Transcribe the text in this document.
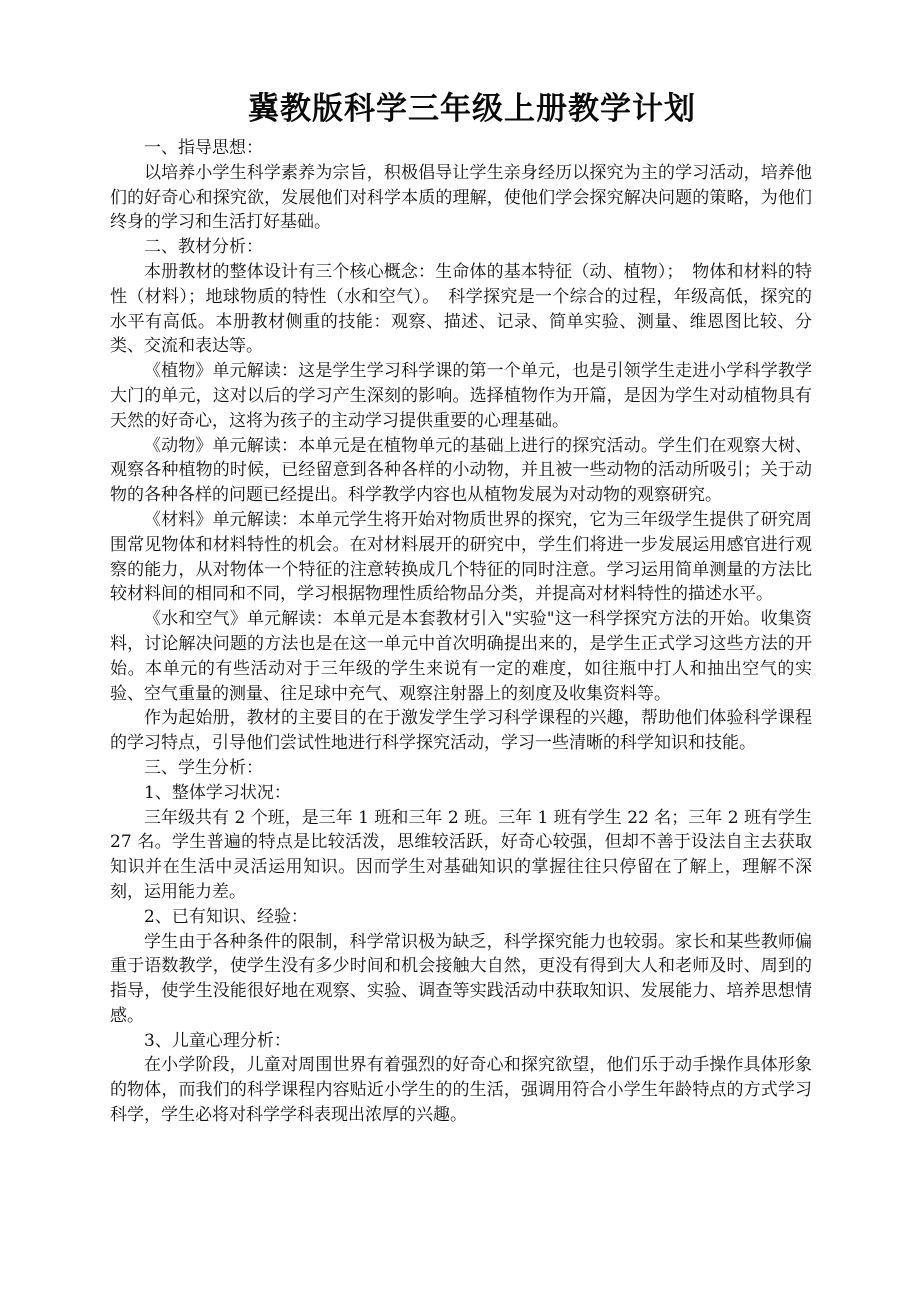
冀教版科学三年级上册教学计划

一、指导思想：

以培养小学生科学素养为宗旨，积极倡导让学生亲身经历以探究为主的学习活动，培养他们的好奇心和探究欲，发展他们对科学本质的理解，使他们学会探究解决问题的策略，为他们终身的学习和生活打好基础。

二、教材分析：

本册教材的整体设计有三个核心概念：生命体的基本特征（动、植物）；　物体和材料的特性（材料）；地球物质的特性（水和空气）。　科学探究是一个综合的过程，年级高低，探究的水平有高低。本册教材侧重的技能：观察、描述、记录、简单实验、测量、维恩图比较、分类、交流和表达等。

《植物》单元解读：这是学生学习科学课的第一个单元，也是引领学生走进小学科学教学大门的单元，这对以后的学习产生深刻的影响。选择植物作为开篇，是因为学生对动植物具有天然的好奇心，这将为孩子的主动学习提供重要的心理基础。

《动物》单元解读：本单元是在植物单元的基础上进行的探究活动。学生们在观察大树、观察各种植物的时候，已经留意到各种各样的小动物，并且被一些动物的活动所吸引；关于动物的各种各样的问题已经提出。科学教学内容也从植物发展为对动物的观察研究。

《材料》单元解读：本单元学生将开始对物质世界的探究，它为三年级学生提供了研究周围常见物体和材料特性的机会。在对材料展开的研究中，学生们将进一步发展运用感官进行观察的能力，从对物体一个特征的注意转换成几个特征的同时注意。学习运用简单测量的方法比较材料间的相同和不同，学习根据物理性质给物品分类，并提高对材料特性的描述水平。

《水和空气》单元解读：本单元是本套教材引入"实验"这一科学探究方法的开始。收集资料，讨论解决问题的方法也是在这一单元中首次明确提出来的，是学生正式学习这些方法的开始。本单元的有些活动对于三年级的学生来说有一定的难度，如往瓶中打人和抽出空气的实验、空气重量的测量、往足球中充气、观察注射器上的刻度及收集资料等。

作为起始册，教材的主要目的在于激发学生学习科学课程的兴趣，帮助他们体验科学课程的学习特点，引导他们尝试性地进行科学探究活动，学习一些清晰的科学知识和技能。

三、学生分析：

1、整体学习状况：

三年级共有 2 个班，是三年 1 班和三年 2 班。三年 1 班有学生 22 名；三年 2 班有学生 27 名。学生普遍的特点是比较活泼，思维较活跃，好奇心较强，但却不善于设法自主去获取知识并在生活中灵活运用知识。因而学生对基础知识的掌握往往只停留在了解上，理解不深刻，运用能力差。

2、已有知识、经验：

学生由于各种条件的限制，科学常识极为缺乏，科学探究能力也较弱。家长和某些教师偏重于语数教学，使学生没有多少时间和机会接触大自然，更没有得到大人和老师及时、周到的指导，使学生没能很好地在观察、实验、调查等实践活动中获取知识、发展能力、培养思想情感。

3、儿童心理分析：

在小学阶段，儿童对周围世界有着强烈的好奇心和探究欲望，他们乐于动手操作具体形象的物体，而我们的科学课程内容贴近小学生的的生活，强调用符合小学生年龄特点的方式学习科学，学生必将对科学学科表现出浓厚的兴趣。
